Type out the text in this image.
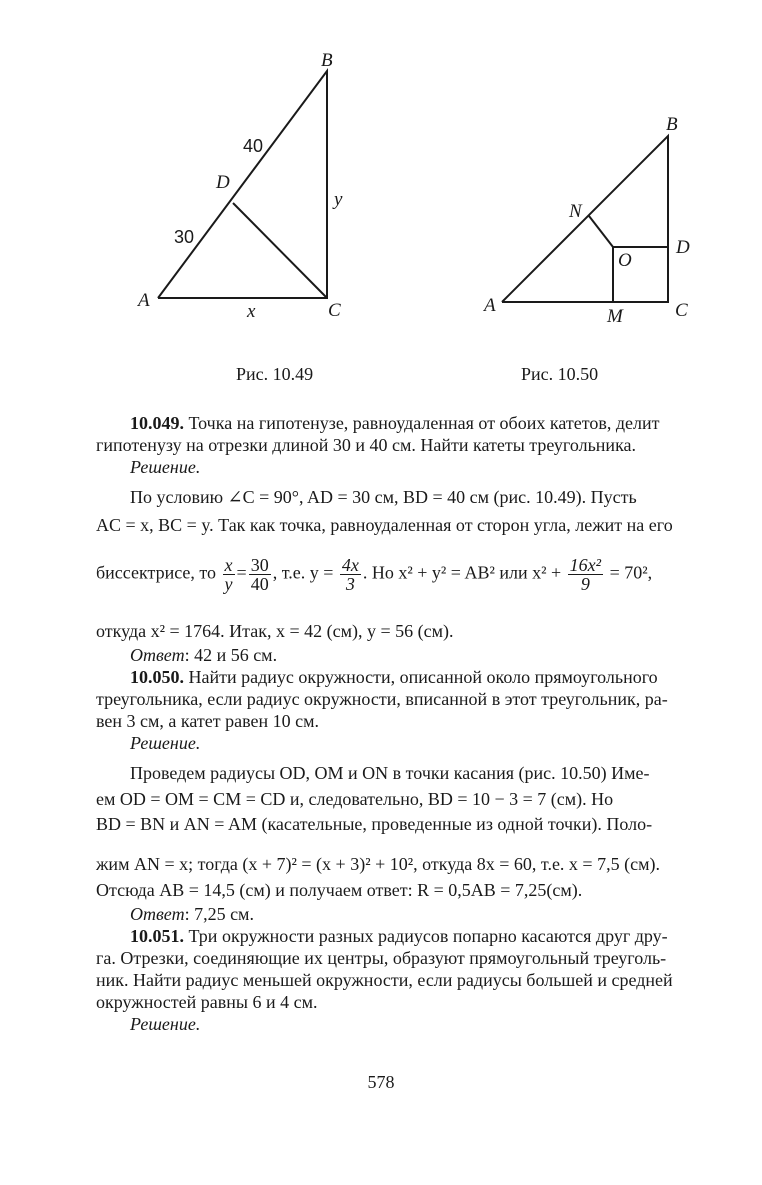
B
D
A	C
x
y
40
30
Рис. 10.49
B
N
O
D
A
M	C
Рис. 10.50
10.049. Точка на гипотенузе, равноудаленная от обоих катетов, делит
гипотенузу на отрезки длиной 30 и 40 см. Найти катеты треугольника.
Решение.
По условию ∠C = 90°, AD = 30 см, BD = 40 см (рис. 10.49). Пусть
AC = x, BC = y. Так как точка, равноудаленная от сторон угла, лежит на его
биссектрисе, то $\frac{x}{y} = \frac{30}{40}$ , т.е. $y = \frac{4x}{3}$ . Но x² + y² = AB² или $x^2 + \frac{\text{16x²}}{9} = 70^2$,
откуда x² = 1764. Итак, x = 42 (см), y = 56 (см).
Ответ: 42 и 56 см.
10.050. Найти радиус окружности, описанной около прямоугольного
треугольника, если радиус окружности, вписанной в этот треугольник, ра-
вен 3 см, а катет равен 10 см.
Решение.
Проведем радиусы OD, OM и ON в точки касания (рис. 10.50) Име-
ем OD = OM = CM = CD и, следовательно, BD = 10 − 3 = 7 (см). Но
BD = BN и AN = AM (касательные, проведенные из одной точки). Поло-
жим AN = x; тогда (x + 7)² = (x + 3)² + 10², откуда 8x = 60, т.е. x = 7,5 (см).
Отсюда AB = 14,5 (см) и получаем ответ: R = 0,5AB = 7,25(см).
Ответ: 7,25 см.
10.051. Три окружности разных радиусов попарно касаются друг дру-
га. Отрезки, соединяющие их центры, образуют прямоугольный треуголь-
ник. Найти радиус меньшей окружности, если радиусы большей и средней
окружностей равны 6 и 4 см.
Решение.
578
